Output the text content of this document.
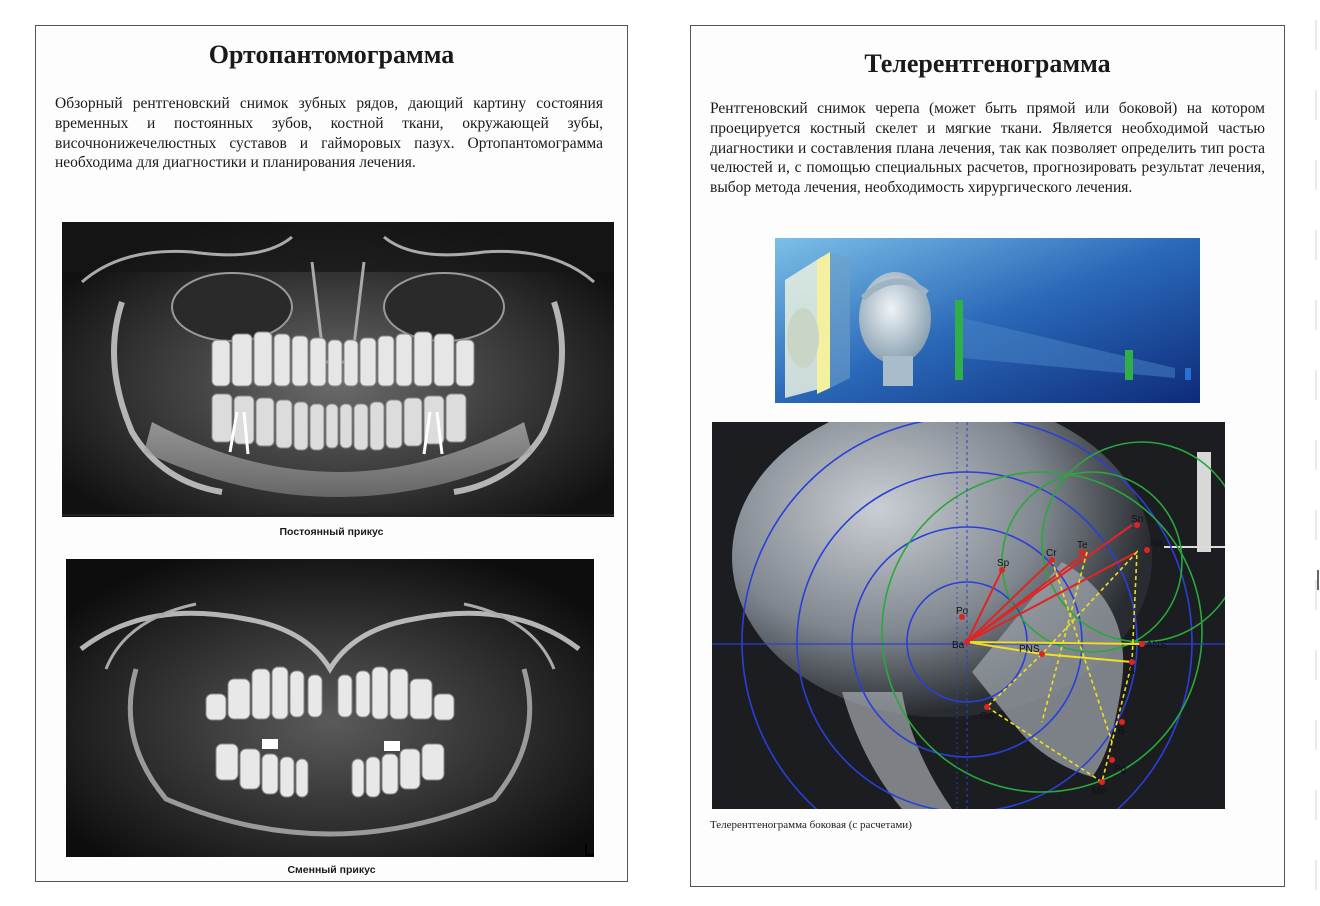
Ортопантомограмма

Обзорный рентгеновский снимок зубных рядов, дающий картину состояния временных и постоянных зубов, костной ткани, окружающей зубы, височнонижечелюстных суставов и гайморовых пазух. Ортопантомограмма необходима для диагностики и планирования лечения.

Постоянный прикус

Сменный прикус

Телерентгенограмма

Рентгеновский снимок черепа (может быть прямой или боковой) на котором проецируется костный скелет и мягкие ткани. Является необходимой частью диагностики и составления плана лечения, так как позволяет определить тип роста челюстей и, с помощью специальных расчетов, прогнозировать результат лечения, выбор метода лечения, необходимость хирургического лечения.

Sn
Te
Cr
Sp
Po
Ba	PNS	ANS
A
Go
B
Pg
Me
Na

Телерентгенограмма боковая (с расчетами)
